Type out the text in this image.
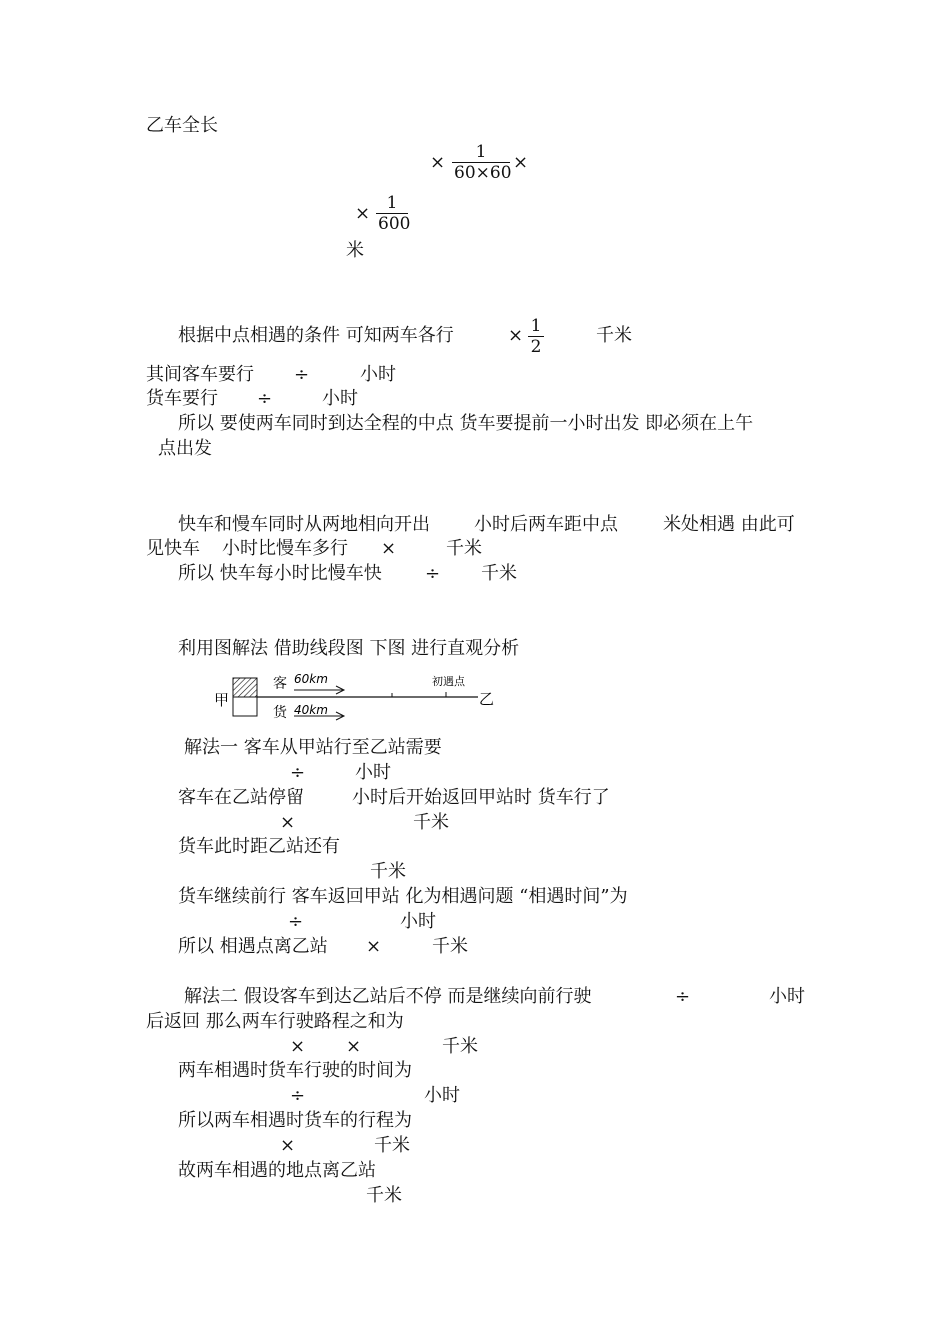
乙车全长
×	1
60×60 ×
× 1
600
米
根据中点相遇的条件 可知两车各行	× 1
2
千米
其间客车要行 ÷	小时
货车要行 ÷	小时
所以 要使两车同时到达全程的中点 货车要提前一小时出发 即必须在上午
点出发
快车和慢车同时从两地相向开出 小时后两车距中点	米处相遇 由此可
见快车 小时比慢车多行 ×	千米
所以 快车每小时比慢车快 ÷ 千米
利用图解法 借助线段图 下图 进行直观分析
甲
客 60km
货 40km
初遇点
乙
解法一 客车从甲站行至乙站需要
÷	小时
客车在乙站停留	小时后开始返回甲站时 货车行了
×	千米
货车此时距乙站还有
千米
货车继续前行 客车返回甲站 化为相遇问题 “相遇时间”为
÷	小时
所以 相遇点离乙站 ×	千米
解法二 假设客车到达乙站后不停 而是继续向前行驶	÷	小时
后返回 那么两车行驶路程之和为
× ×	千米
两车相遇时货车行驶的时间为
÷	小时
所以两车相遇时货车的行程为
×	千米
故两车相遇的地点离乙站
千米
